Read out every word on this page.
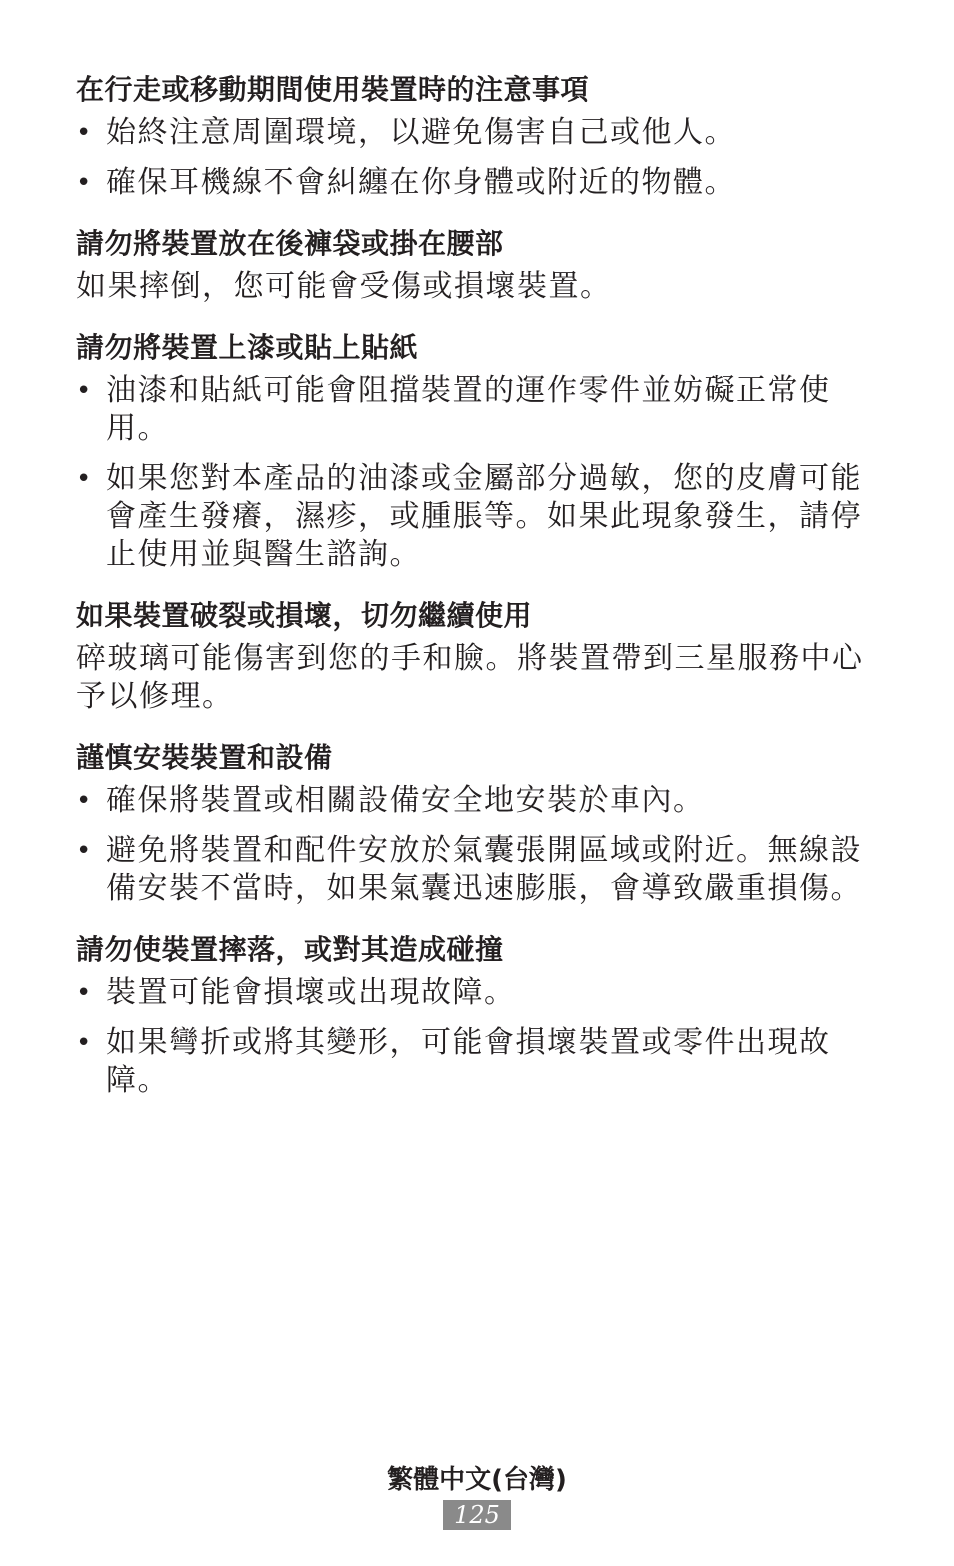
在行走或移動期間使用裝置時的注意事項
• 始終注意周圍環境，以避免傷害自己或他人。
• 確保耳機線不會糾纏在你身體或附近的物體。
請勿將裝置放在後褲袋或掛在腰部

如果摔倒，您可能會受傷或損壞裝置。

請勿將裝置上漆或貼上貼紙
• 油漆和貼紙可能會阻擋裝置的運作零件並妨礙正常使用。
• 如果您對本產品的油漆或金屬部分過敏，您的皮膚可能會產生發癢，濕疹，或腫脹等。如果此現象發生，請停止使用並與醫生諮詢。
如果裝置破裂或損壞，切勿繼續使用

碎玻璃可能傷害到您的手和臉。將裝置帶到三星服務中心予以修理。

謹慎安裝裝置和設備
• 確保將裝置或相關設備安全地安裝於車內。
• 避免將裝置和配件安放於氣囊張開區域或附近。無線設備安裝不當時，如果氣囊迅速膨脹，會導致嚴重損傷。
請勿使裝置摔落，或對其造成碰撞
• 裝置可能會損壞或出現故障。
• 如果彎折或將其變形，可能會損壞裝置或零件出現故障。
繁體中文(台灣)
125
